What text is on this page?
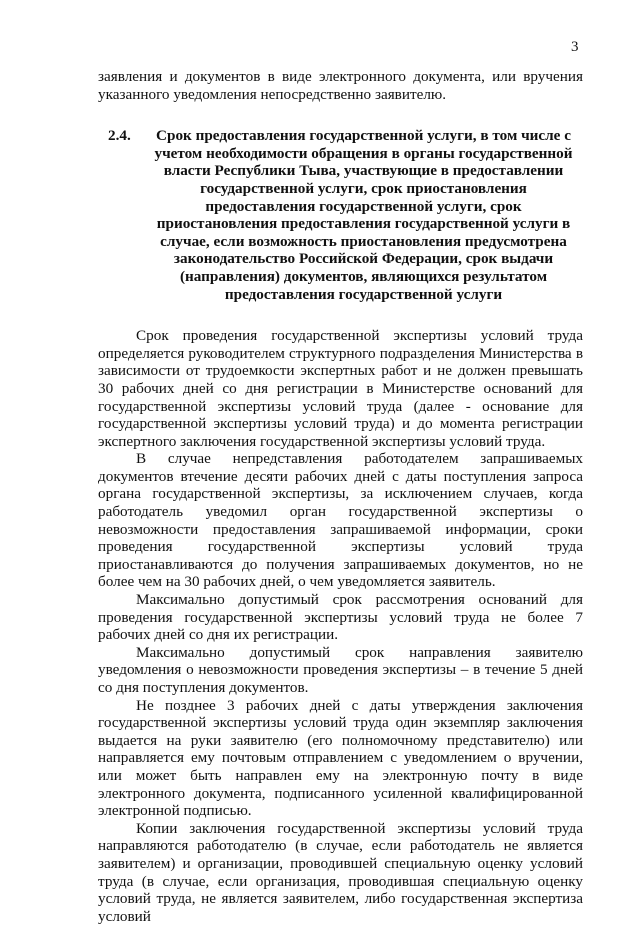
3

заявления и документов в виде электронного документа, или вручения указанного уведомления непосредственно заявителю.

2.4.	Срок предоставления государственной услуги, в том числе с учетом необходимости обращения в органы государственной власти Республики Тыва, участвующие в предоставлении государственной услуги, срок приостановления предоставления государственной услуги, срок приостановления предоставления государственной услуги в случае, если возможность приостановления предусмотрена законодательство Российской Федерации, срок выдачи (направления) документов, являющихся результатом предоставления государственной услуги

Срок проведения государственной экспертизы условий труда определяется руководителем структурного подразделения Министерства в зависимости от трудоемкости экспертных работ и не должен превышать 30 рабочих дней со дня регистрации в Министерстве оснований для государственной экспертизы условий труда (далее - основание для государственной экспертизы условий труда) и до момента регистрации экспертного заключения государственной экспертизы условий труда.

В случае непредставления работодателем запрашиваемых документов втечение десяти рабочих дней с даты поступления запроса органа государственной экспертизы, за исключением случаев, когда работодатель уведомил орган государственной экспертизы о невозможности предоставления запрашиваемой информации, сроки проведения государственной экспертизы условий труда приостанавливаются до получения запрашиваемых документов, но не более чем на 30 рабочих дней, о чем уведомляется заявитель.

Максимально допустимый срок рассмотрения оснований для проведения государственной экспертизы условий труда не более 7 рабочих дней со дня их регистрации.

Максимально допустимый срок направления заявителю уведомления о невозможности проведения экспертизы – в течение 5 дней со дня поступления документов.

Не позднее 3 рабочих дней с даты утверждения заключения государственной экспертизы условий труда один экземпляр заключения выдается на руки заявителю (его полномочному представителю) или направляется ему почтовым отправлением с уведомлением о вручении, или может быть направлен ему на электронную почту в виде электронного документа, подписанного усиленной квалифицированной электронной подписью.

Копии заключения государственной экспертизы условий труда направляются работодателю (в случае, если работодатель не является заявителем) и организации, проводившей специальную оценку условий труда (в случае, если организация, проводившая специальную оценку условий труда, не является заявителем, либо государственная экспертиза условий
